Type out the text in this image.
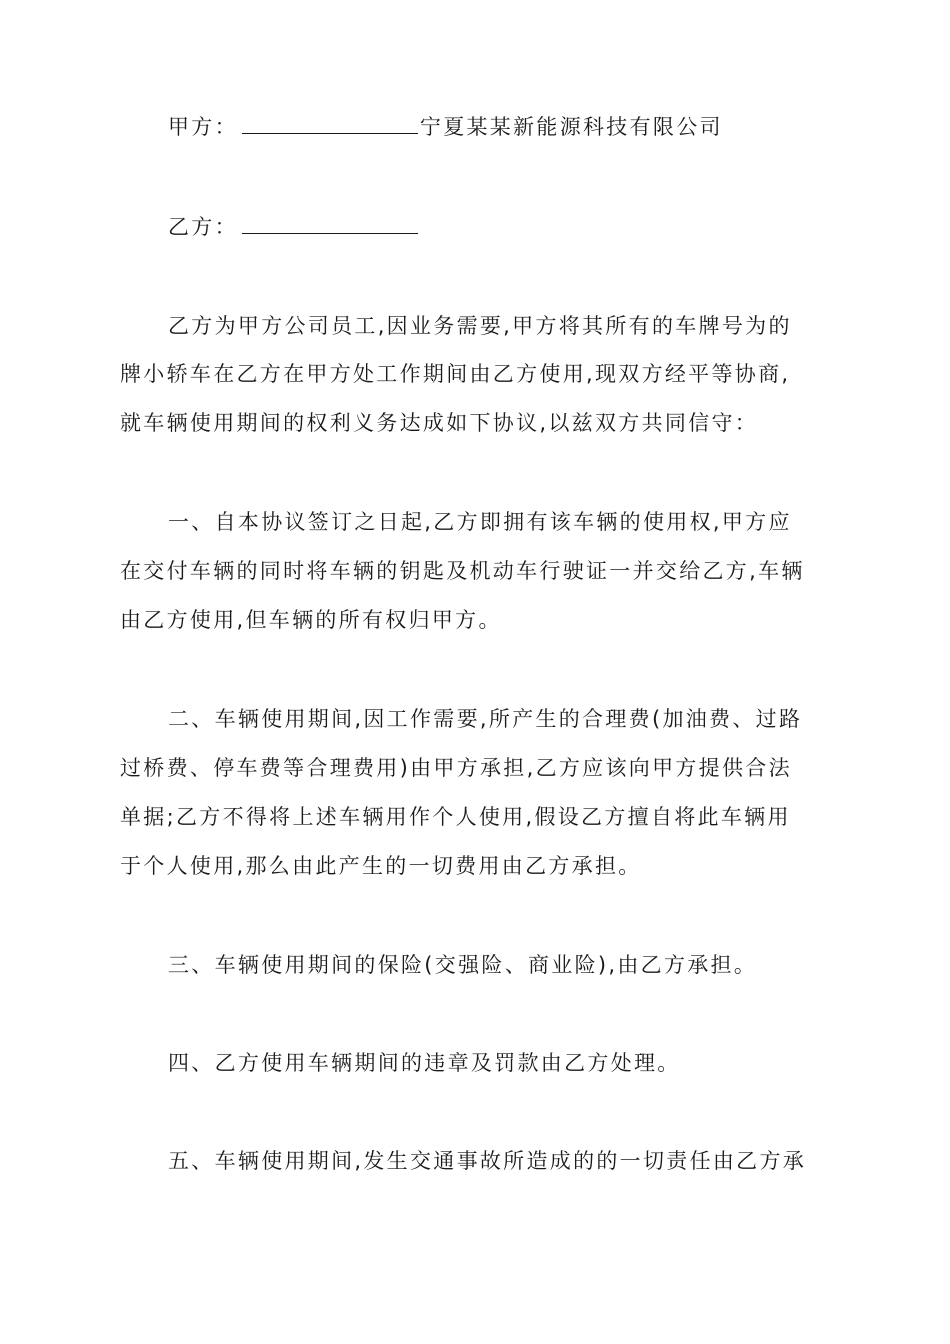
甲方：	宁夏某某新能源科技有限公司
乙方：
乙方为甲方公司员工,因业务需要,甲方将其所有的车牌号为的
牌小轿车在乙方在甲方处工作期间由乙方使用,现双方经平等协商,
就车辆使用期间的权利义务达成如下协议,以兹双方共同信守：
一、自本协议签订之日起,乙方即拥有该车辆的使用权,甲方应
在交付车辆的同时将车辆的钥匙及机动车行驶证一并交给乙方,车辆
由乙方使用,但车辆的所有权归甲方。
二、车辆使用期间,因工作需要,所产生的合理费(加油费、过路
过桥费、停车费等合理费用)由甲方承担,乙方应该向甲方提供合法
单据;乙方不得将上述车辆用作个人使用,假设乙方擅自将此车辆用
于个人使用,那么由此产生的一切费用由乙方承担。
三、车辆使用期间的保险(交强险、商业险),由乙方承担。
四、乙方使用车辆期间的违章及罚款由乙方处理。
五、车辆使用期间,发生交通事故所造成的的一切责任由乙方承
